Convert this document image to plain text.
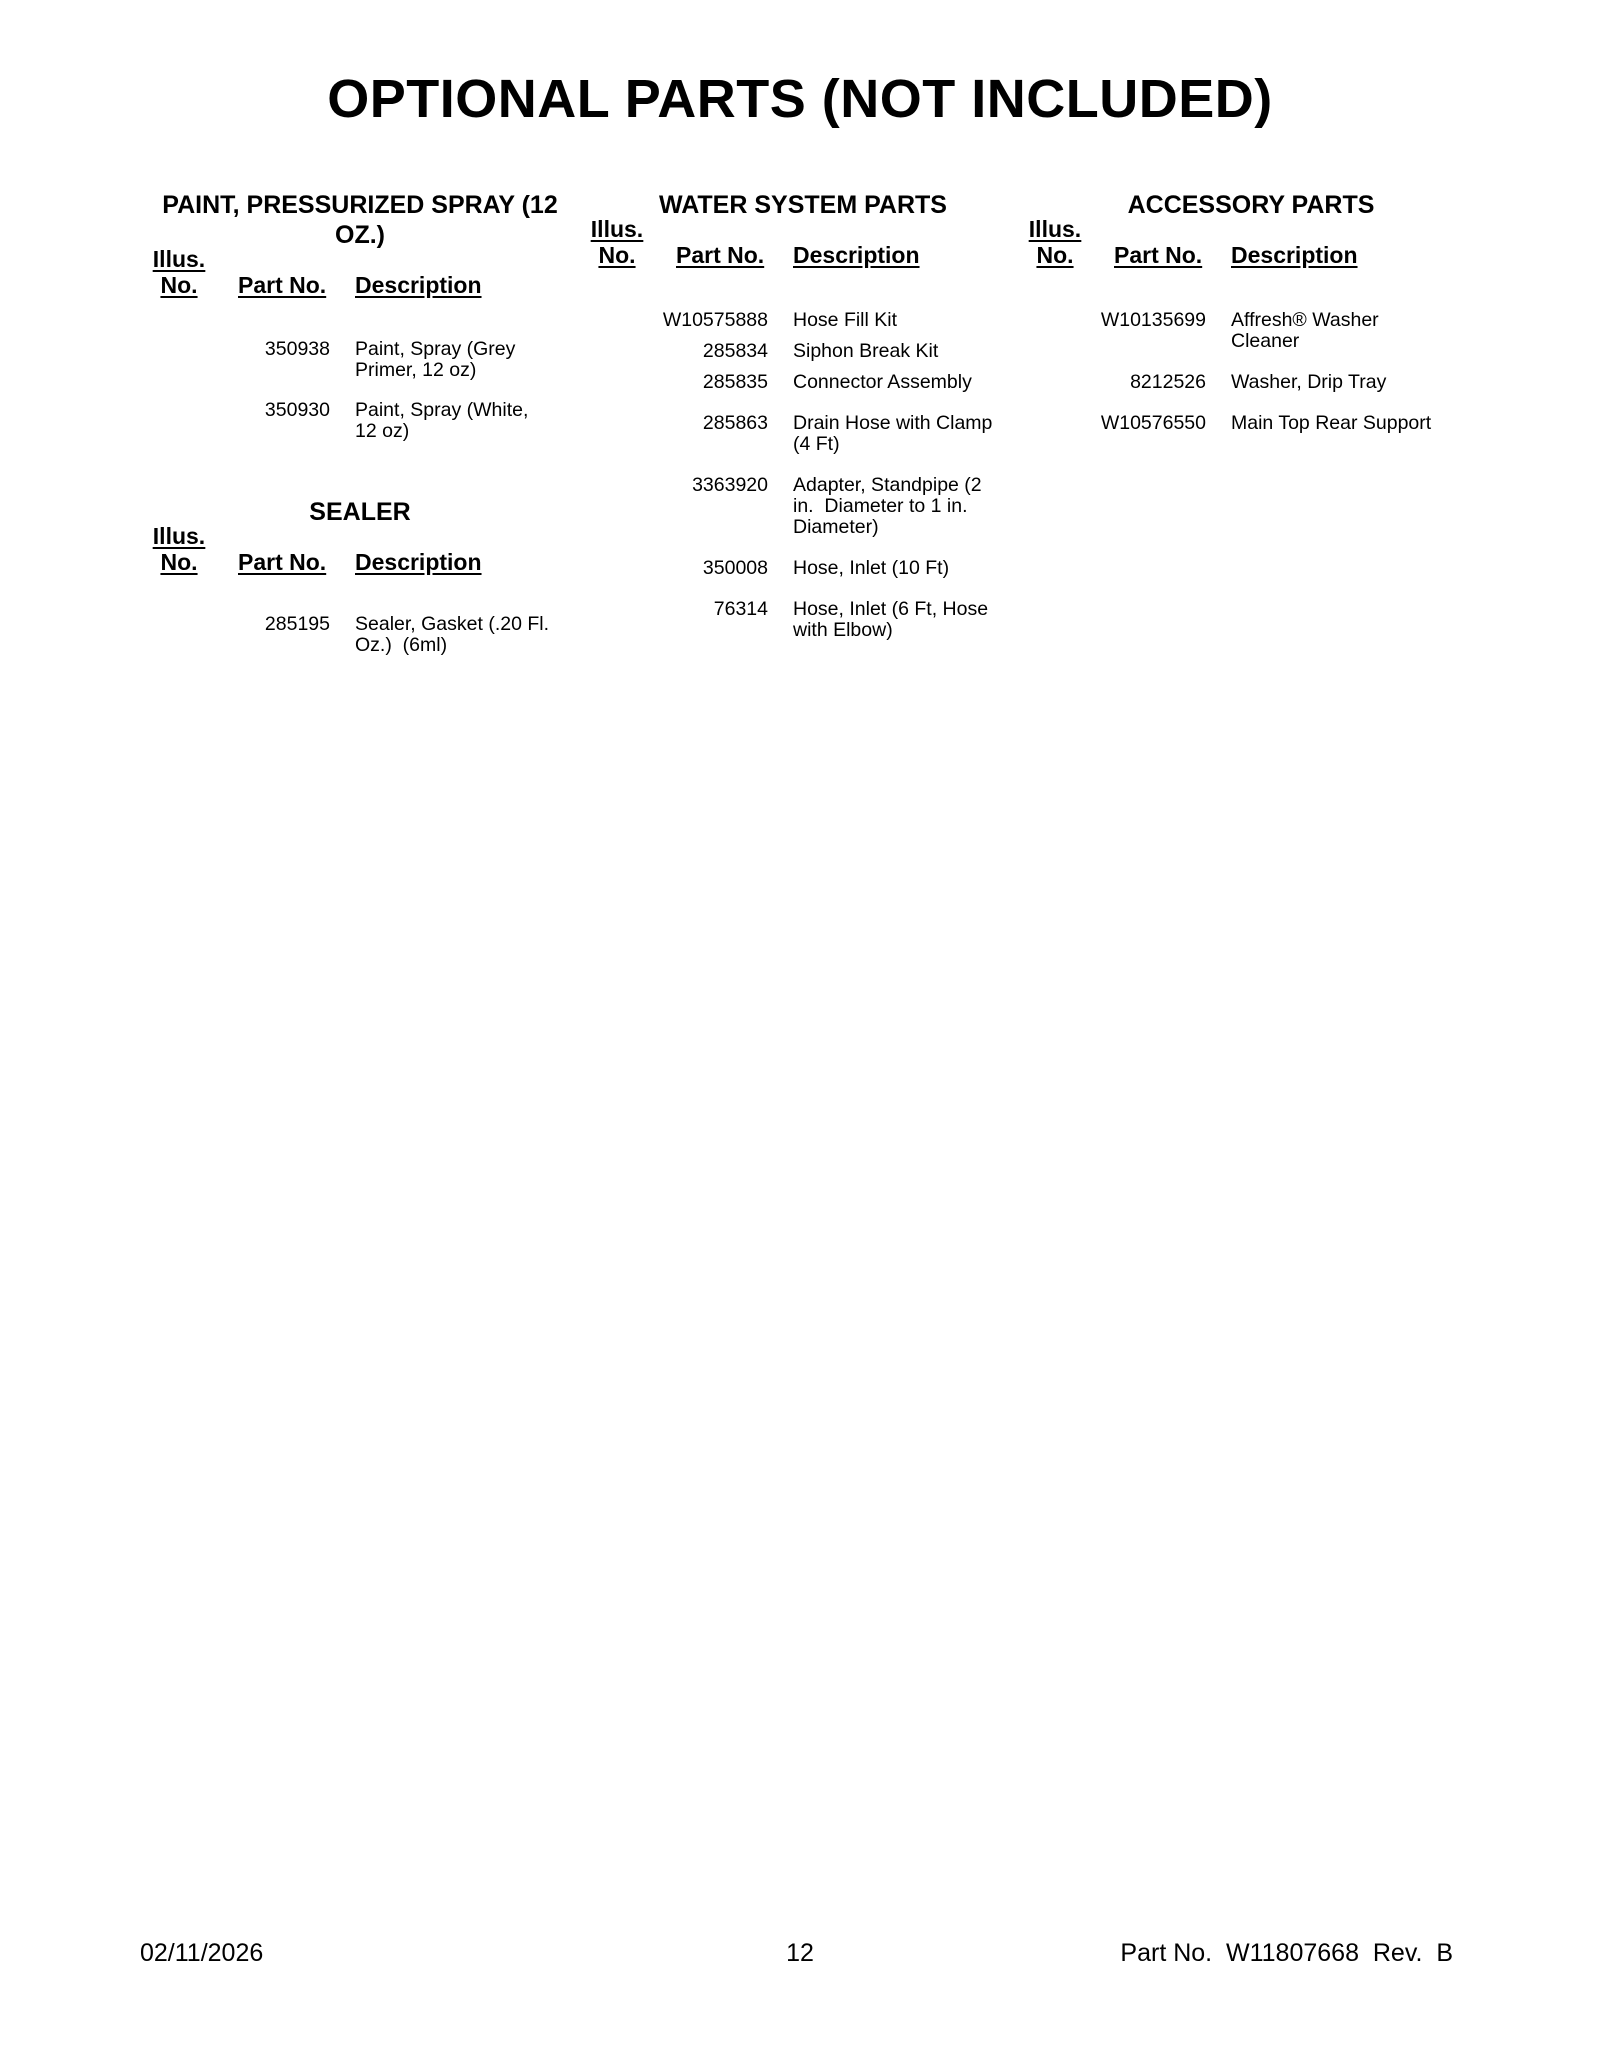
OPTIONAL PARTS (NOT INCLUDED)
PAINT, PRESSURIZED SPRAY (12
OZ.)
Illus.
No.	Part No. Description
350938 Paint, Spray (Grey
Primer, 12 oz)
350930 Paint, Spray (White,
12 oz)
SEALER
Illus.
No.	Part No. Description
285195 Sealer, Gasket (.20 Fl.
Oz.)  (6ml)
WATER SYSTEM PARTS
Illus.
No.	Part No. Description
W10575888 Hose Fill Kit
285834 Siphon Break Kit
285835 Connector Assembly
285863 Drain Hose with Clamp
(4 Ft)
3363920 Adapter, Standpipe (2
in.  Diameter to 1 in.
Diameter)
350008 Hose, Inlet (10 Ft)
76314 Hose, Inlet (6 Ft, Hose
with Elbow)
ACCESSORY PARTS
Illus.
No.	Part No. Description
W10135699 Affresh® Washer
Cleaner
8212526 Washer, Drip Tray
W10576550 Main Top Rear Support
02/11/2026	12	Part No.  W11807668  Rev.  B
